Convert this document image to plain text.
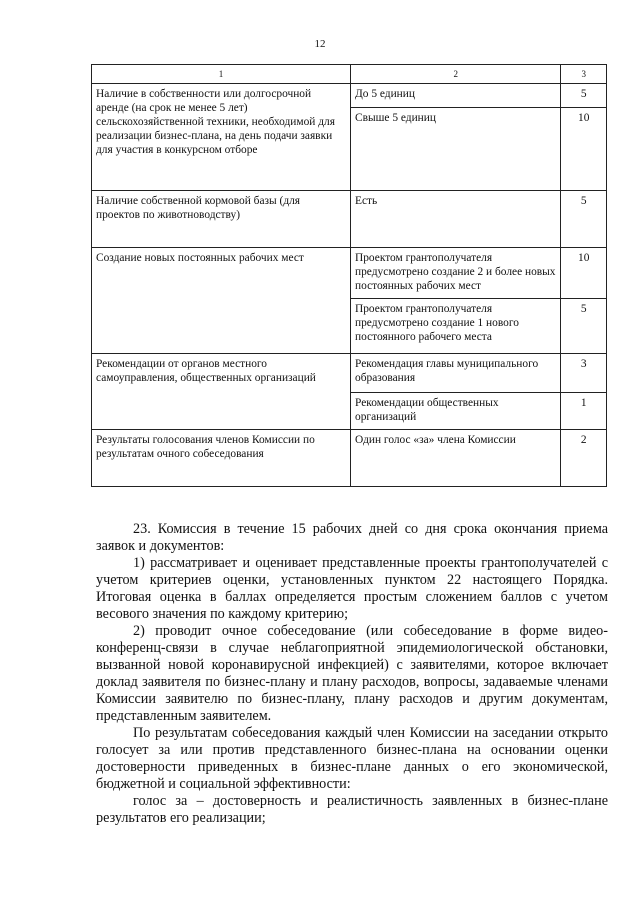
12
1	2	3
Наличие в собственности или долгосрочной аренде (на срок не менее 5 лет) сельскохозяйственной техники, необходимой для реализации бизнес-плана, на день подачи заявки для участия в конкурсном отборе	До 5 единиц	5
	Свыше 5 единиц	10
Наличие собственной кормовой базы (для проектов по животноводству)	Есть	5
Создание новых постоянных рабочих мест	Проектом грантополучателя предусмотрено создание 2 и более новых постоянных рабочих мест	10
	Проектом грантополучателя предусмотрено создание 1 нового постоянного рабочего места	5
Рекомендации от органов местного самоуправления, общественных организаций	Рекомендация главы муниципального образования	3
	Рекомендации общественных организаций	1
Результаты голосования членов Комиссии по результатам очного собеседования	Один голос «за» члена Комиссии	2

23. Комиссия в течение 15 рабочих дней со дня срока окончания приема заявок и документов:

1) рассматривает и оценивает представленные проекты грантополучателей с учетом критериев оценки, установленных пунктом 22 настоящего Порядка. Итоговая оценка в баллах определяется простым сложением баллов с учетом весового значения по каждому критерию;

2) проводит очное собеседование (или собеседование в форме видео-конференц-связи в случае неблагоприятной эпидемиологической обстановки, вызванной новой коронавирусной инфекцией) с заявителями, которое включает доклад заявителя по бизнес-плану и плану расходов, вопросы, задаваемые членами Комиссии заявителю по бизнес-плану, плану расходов и другим документам, представленным заявителем.

По результатам собеседования каждый член Комиссии на заседании открыто голосует за или против представленного бизнес-плана на основании оценки достоверности приведенных в бизнес-плане данных о его экономической, бюджетной и социальной эффективности:

голос за – достоверность и реалистичность заявленных в бизнес-плане результатов его реализации;
